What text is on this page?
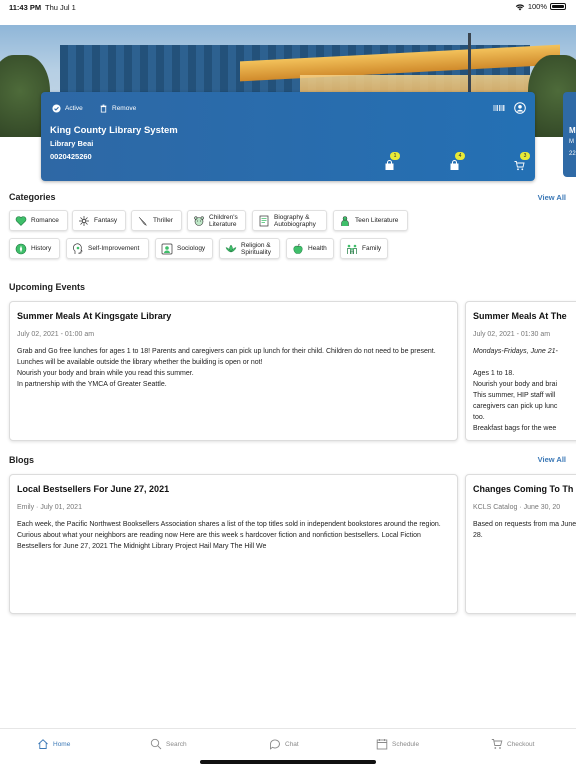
11:43 PM Thu Jul 1	100%
Active	Remove
King County Library System
Library Beai
0020425260	1	4	3
M
M
22
Categories	View All
Romance	Fantasy	Thriller	Children's Literature
Biography & Autobiography	Teen Literature
History	Self-Improvement	Sociology	Religion & Spirituality	Health	Family
Upcoming Events
Summer Meals At Kingsgate Library
July 02, 2021 - 01:00 am

Grab and Go free lunches for ages 1 to 18! Parents and caregivers can pick up lunch for their child. Children do not need to be present.

Lunches will be available outside the library whether the building is open or not!

Nourish your body and brain while you read this summer.

In partnership with the YMCA of Greater Seattle.

Summer Meals At The
July 02, 2021 - 01:30 am

Mondays-Fridays, June 21-

Ages 1 to 18.

Nourish your body and brai

This summer, HIP staff will

caregivers can pick up lunc

too.

Breakfast bags for the wee

Blogs	View All
Local Bestsellers For June 27, 2021
Emily · July 01, 2021
Each week, the Pacific Northwest Booksellers Association shares a list of the top titles sold in independent bookstores around the region. Curious about what your neighbors are reading now Here are this week s hardcover fiction and nonfiction bestsellers. Local Fiction Bestsellers for June 27, 2021 The Midnight Library Project Hail Mary The Hill We
Changes Coming To Th
KCLS Catalog · June 30, 20
Based on requests from ma June 28.
Home	Search	Chat	Schedule	Checkout
